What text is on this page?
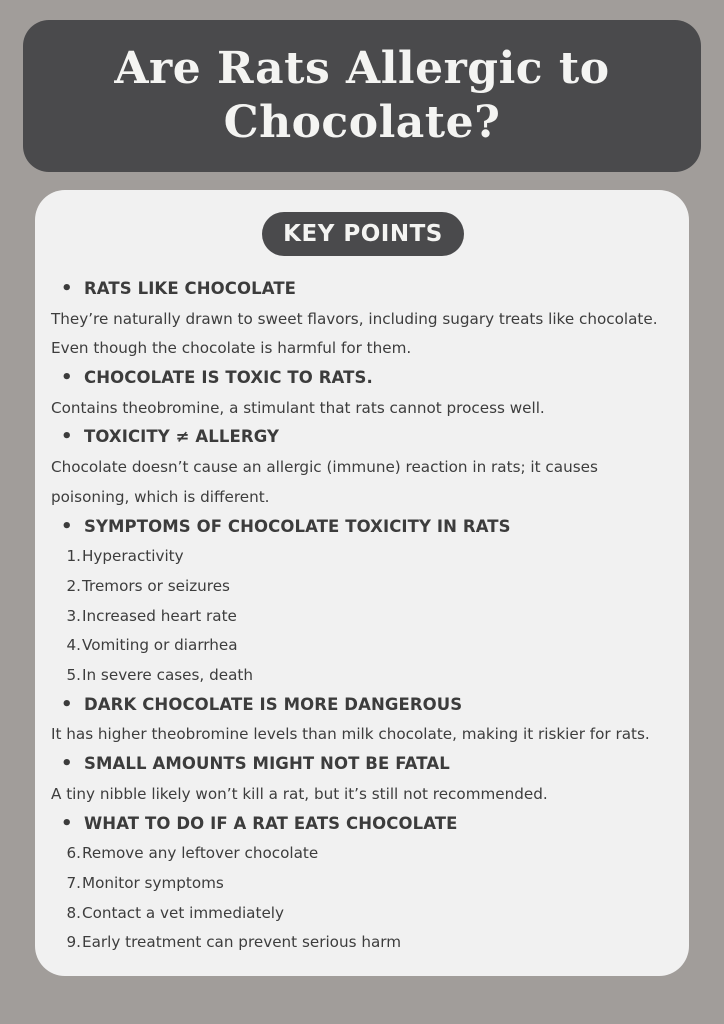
Are Rats Allergic to Chocolate?
KEY POINTS
• RATS LIKE CHOCOLATE
They’re naturally drawn to sweet flavors, including sugary treats like chocolate.
Even though the chocolate is harmful for them.
• CHOCOLATE IS TOXIC TO RATS.
Contains theobromine, a stimulant that rats cannot process well.
• TOXICITY ≠ ALLERGY
Chocolate doesn’t cause an allergic (immune) reaction in rats; it causes
poisoning, which is different.
• SYMPTOMS OF CHOCOLATE TOXICITY IN RATS
1. Hyperactivity
2. Tremors or seizures
3. Increased heart rate
4. Vomiting or diarrhea
5. In severe cases, death
• DARK CHOCOLATE IS MORE DANGEROUS
It has higher theobromine levels than milk chocolate, making it riskier for rats.
• SMALL AMOUNTS MIGHT NOT BE FATAL
A tiny nibble likely won’t kill a rat, but it’s still not recommended.
• WHAT TO DO IF A RAT EATS CHOCOLATE
6. Remove any leftover chocolate
7. Monitor symptoms
8. Contact a vet immediately
9. Early treatment can prevent serious harm
